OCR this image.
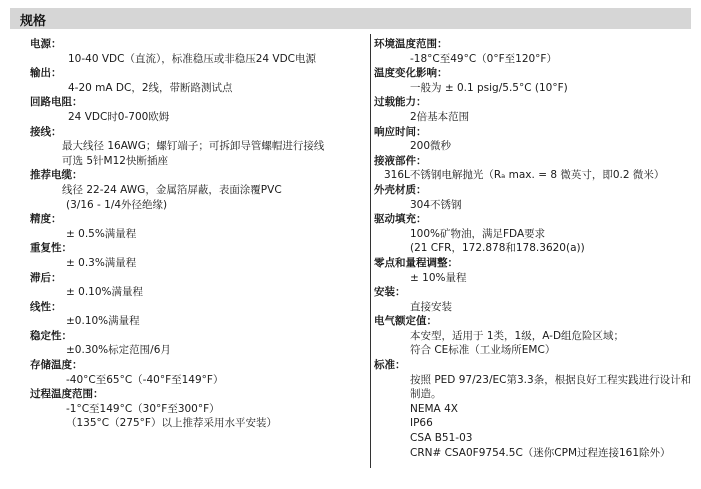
规格
电源：
10-40 VDC（直流），标准稳压或非稳压24 VDC电源
输出：
4-20 mA DC，2线，带断路测试点
回路电阻：
24 VDC时0-700欧姆
接线：
最大线径 16AWG；螺钉端子；可拆卸导管螺帽进行接线
可选 5针M12快断插座
推荐电缆：
线径 22-24 AWG，金属箔屏蔽，表面涂覆PVC
(3/16 - 1/4外径绝缘)
精度：
± 0.5%满量程
重复性：
± 0.3%满量程
滞后：
± 0.10%满量程
线性：
±0.10%满量程
稳定性：
±0.30%标定范围/6月
存储温度：
-40°C至65°C（-40°F至149°F）
过程温度范围：
-1°C至149°C（30°F至300°F）
（135°C（275°F）以上推荐采用水平安装）
环境温度范围：
-18°C至49°C（0°F至120°F）
温度变化影响：
一般为 ± 0.1 psig/5.5°C (10°F)
过载能力：
2倍基本范围
响应时间：
200微秒
接液部件：
316L不锈钢电解抛光（Rₐ max. = 8 微英寸，即0.2 微米）
外壳材质：
304不锈钢
驱动填充：
100%矿物油，满足FDA要求
(21 CFR，172.878和178.3620(a))
零点和量程调整：
± 10%量程
安装：
直接安装
电气额定值：
本安型，适用于 1类，1级，A-D组危险区域；
符合 CE标准（工业场所EMC）
标准：
按照 PED 97/23/EC第3.3条，根据良好工程实践进行设计和
制造。
NEMA 4X
IP66
CSA B51-03
CRN# CSA0F9754.5C（迷你CPM过程连接161除外）
